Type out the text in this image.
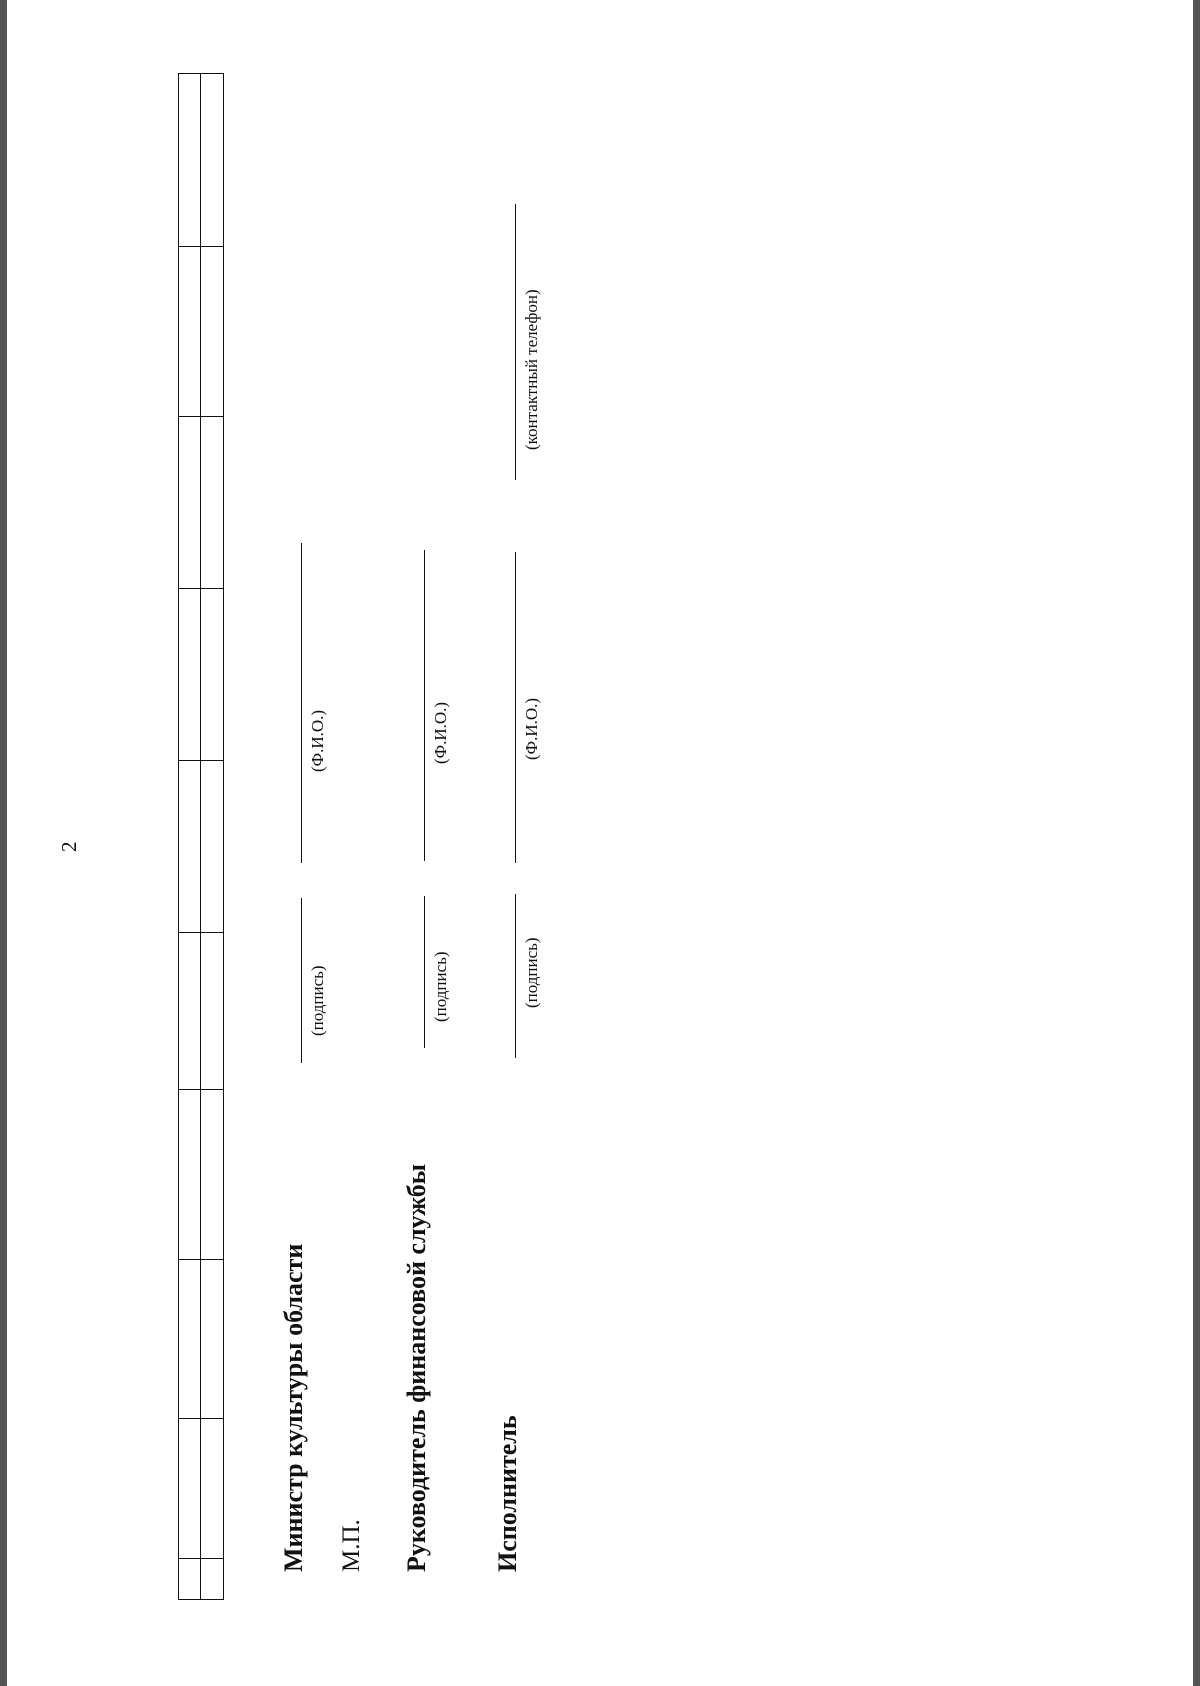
2
Министр культуры области
(подпись)
(Ф.И.О.)
М.П. Руководитель финансовой службы
(подпись)
(Ф.И.О.)
Исполнитель
(подпись)
(Ф.И.О.)
(контактный телефон)
